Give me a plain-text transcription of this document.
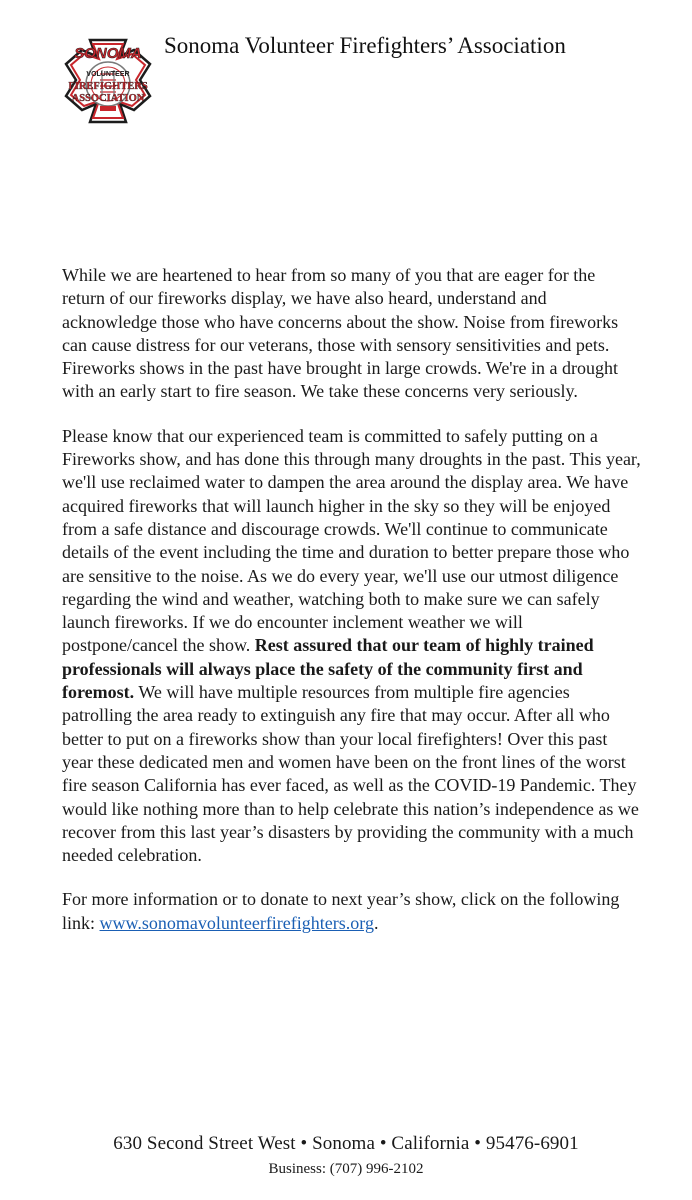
SONOMA
VOLUNTEER
FIREFIGHTERS
ASSOCIATION
Sonoma Volunteer Firefighters’ Association

While we are heartened to hear from so many of you that are eager for the return of our fireworks display, we have also heard, understand and acknowledge those who have concerns about the show. Noise from fireworks can cause distress for our veterans, those with sensory sensitivities and pets. Fireworks shows in the past have brought in large crowds. We're in a drought with an early start to fire season. We take these concerns very seriously.

Please know that our experienced team is committed to safely putting on a Fireworks show, and has done this through many droughts in the past. This year, we'll use reclaimed water to dampen the area around the display area. We have acquired fireworks that will launch higher in the sky so they will be enjoyed from a safe distance and discourage crowds. We'll continue to communicate details of the event including the time and duration to better prepare those who are sensitive to the noise. As we do every year, we'll use our utmost diligence regarding the wind and weather, watching both to make sure we can safely launch fireworks. If we do encounter inclement weather we will postpone/cancel the show. Rest assured that our team of highly trained professionals will always place the safety of the community first and foremost. We will have multiple resources from multiple fire agencies patrolling the area ready to extinguish any fire that may occur. After all who better to put on a fireworks show than your local firefighters! Over this past year these dedicated men and women have been on the front lines of the worst fire season California has ever faced, as well as the COVID-19 Pandemic. They would like nothing more than to help celebrate this nation’s independence as we recover from this last year’s disasters by providing the community with a much needed celebration.

For more information or to donate to next year’s show, click on the following link: www.sonomavolunteerfirefighters.org.

630 Second Street West • Sonoma • California • 95476-6901
Business: (707) 996-2102
